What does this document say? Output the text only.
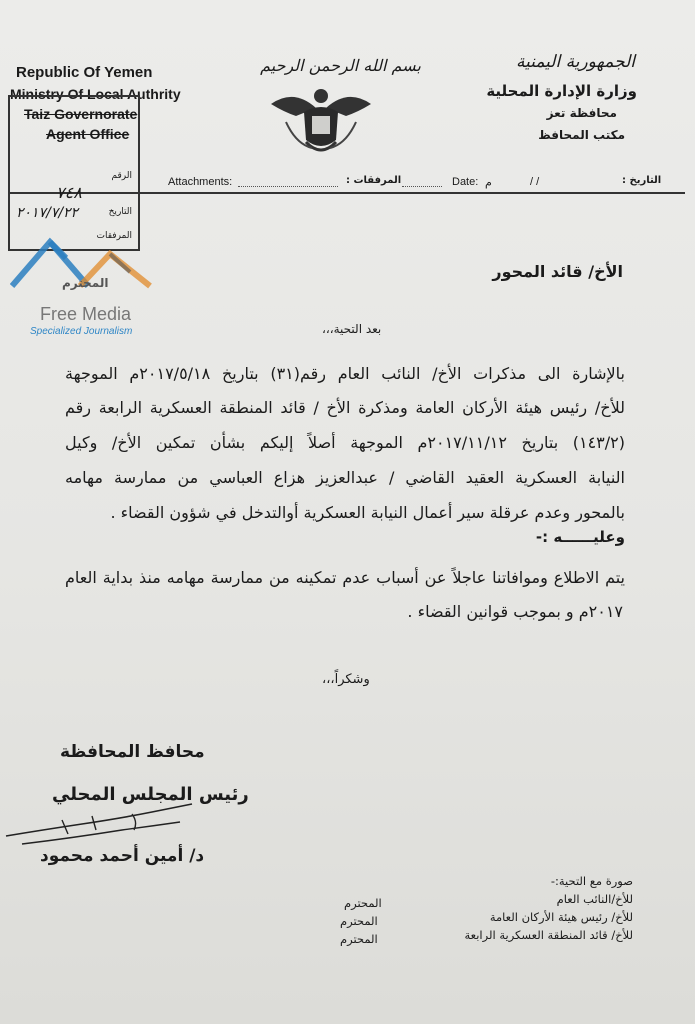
Republic Of Yemen
Ministry Of Local Authrity
Taiz Governorate
Agent Office
الجمهورية اليمنية
وزارة الإدارة المحلية
محافظة تعز
مكتب المحافظ
بسم الله الرحمن الرحيم
Attachments:	المرفقات :	Date: م	/ /	التاريخ :
الرقم
٧٤٨
التاريخ
٢٠١٧/٧/٢٢
المرفقات
المحترم
Free Media
Specialized Journalism
الأخ/ قائد المحور
بعد التحية،،،
بالإشارة الى مذكرات الأخ/ النائب العام رقم(٣١) بتاريخ ٢٠١٧/٥/١٨م الموجهة
للأخ/ رئيس هيئة الأركان العامة ومذكرة الأخ / قائد المنطقة العسكرية الرابعة رقم
(١٤٣/٢) بتاريخ ٢٠١٧/١١/١٢م الموجهة أصلاً إليكم بشأن تمكين الأخ/ وكيل
النيابة العسكرية العقيد القاضي / عبدالعزيز هزاع العباسي من ممارسة مهامه
بالمحور وعدم عرقلة سير أعمال النيابة العسكرية أوالتدخل في شؤون القضاء .
وعليــــــه :-
يتم الاطلاع وموافاتنا عاجلاً عن أسباب عدم تمكينه من ممارسة مهامه منذ بداية العام
٢٠١٧م و بموجب قوانين القضاء .
وشكراً،،،
محافظ المحافظة
رئيس المجلس المحلي
د/ أمين أحمد محمود
صورة مع التحية:-
للأخ/النائب العام
المحترم
للأخ/ رئيس هيئة الأركان العامة
المحترم
للأخ/ قائد المنطقة العسكرية الرابعة
المحترم
